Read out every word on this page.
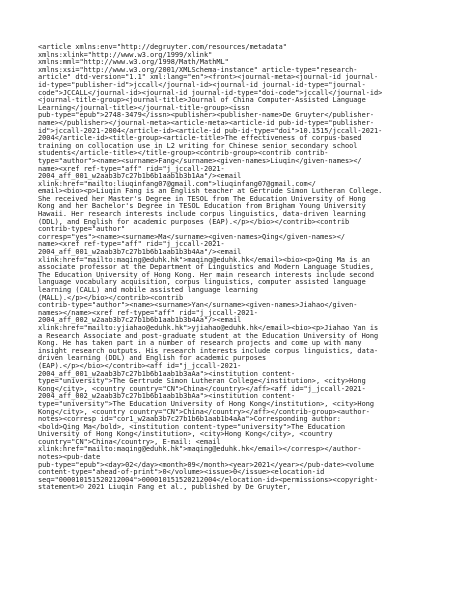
<article xmlns:env="http://degruyter.com/resources/metadata"
xmlns:xlink="http://www.w3.org/1999/xlink"
xmlns:mml="http://www.w3.org/1998/Math/MathML"
xmlns:xsi="http://www.w3.org/2001/XMLSchema-instance" article-type="research-
article" dtd-version="1.1" xml:lang="en"><front><journal-meta><journal-id journal-
id-type="publisher-id">jccall</journal-id><journal-id journal-id-type="journal-
code">JCCALL</journal-id><journal-id journal-id-type="doi-code">jccall</journal-id>
<journal-title-group><journal-title>Journal of China Computer-Assisted Language
Learning</journal-title></journal-title-group><issn
pub-type="epub">2748-3479</issn><publisher><publisher-name>De Gruyter</publisher-
name></publisher></journal-meta><article-meta><article-id pub-id-type="publisher-
id">jccall-2021-2004</article-id><article-id pub-id-type="doi">10.1515/jccall-2021-
2004</article-id><title-group><article-title>The effectiveness of corpus-based
training on collocation use in L2 writing for Chinese senior secondary school
students</article-title></title-group><contrib-group><contrib contrib-
type="author"><name><surname>Fang</surname><given-names>Liuqin</given-names></
name><xref ref-type="aff" rid="j_jccall-2021-
2004_aff_001_w2aab3b7c27b1b6b1aab1b3b1Aa"/><email
xlink:href="mailto:liuqinfang07@gmail.com">liuqinfang07@gmail.com</
email><bio><p>Liuqin Fang is an English teacher at Gertrude Simon Lutheran College.
She received her Master's Degree in TESOL from The Education University of Hong
Kong and her Bachelor's Degree in TESOL Education from Brigham Young University
Hawaii. Her research interests include corpus linguistics, data-driven learning
(DDL), and English for academic purposes (EAP).</p></bio></contrib><contrib
contrib-type="author"
corresp="yes"><name><surname>Ma</surname><given-names>Qing</given-names></
name><xref ref-type="aff" rid="j_jccall-2021-
2004_aff_001_w2aab3b7c27b1b6b1aab1b3b4Aa"/><email
xlink:href="mailto:maqing@eduhk.hk">maqing@eduhk.hk</email><bio><p>Qing Ma is an
associate professor at the Department of Linguistics and Modern Language Studies,
The Education University of Hong Kong. Her main research interests include second
language vocabulary acquisition, corpus linguistics, computer assisted language
learning (CALL) and mobile assisted language learning
(MALL).</p></bio></contrib><contrib
contrib-type="author"><name><surname>Yan</surname><given-names>Jiahao</given-
names></name><xref ref-type="aff" rid="j_jccall-2021-
2004_aff_002_w2aab3b7c27b1b6b1aab1b3b4Aa"/><email
xlink:href="mailto:yjiahao@eduhk.hk">yjiahao@eduhk.hk</email><bio><p>Jiahao Yan is
a Research Associate and post-graduate student at the Education University of Hong
Kong. He has taken part in a number of research projects and come up with many
insight research outputs. His research interests include corpus linguistics, data-
driven learning (DDL) and English for academic purposes
(EAP).</p></bio></contrib><aff id="j_jccall-2021-
2004_aff_001_w2aab3b7c27b1b6b1aab1b3aAa"><institution content-
type="university">The Gertrude Simon Lutheran College</institution>, <city>Hong
Kong</city>, <country country="CN">China</country></aff><aff id="j_jccall-2021-
2004_aff_002_w2aab3b7c27b1b6b1aab1b3bAa"><institution content-
type="university">The Education University of Hong Kong</institution>, <city>Hong
Kong</city>, <country country="CN">China</country></aff></contrib-group><author-
notes><corresp id="cor1_w2aab3b7c27b1b6b1aab1b4aAa">Corresponding author:
<bold>Qing Ma</bold>, <institution content-type="university">The Education
University of Hong Kong</institution>, <city>Hong Kong</city>, <country
country="CN">China</country>, E-mail: <email
xlink:href="mailto:maqing@eduhk.hk">maqing@eduhk.hk</email></corresp></author-
notes><pub-date
pub-type="epub"><day>02</day><month>09</month><year>2021</year></pub-date><volume
content-type="ahead-of-print">0</volume><issue>0</issue><elocation-id
seq="000010151520212004">000010151520212004</elocation-id><permissions><copyright-
statement>© 2021 Liuqin Fang et al., published by De Gruyter,
